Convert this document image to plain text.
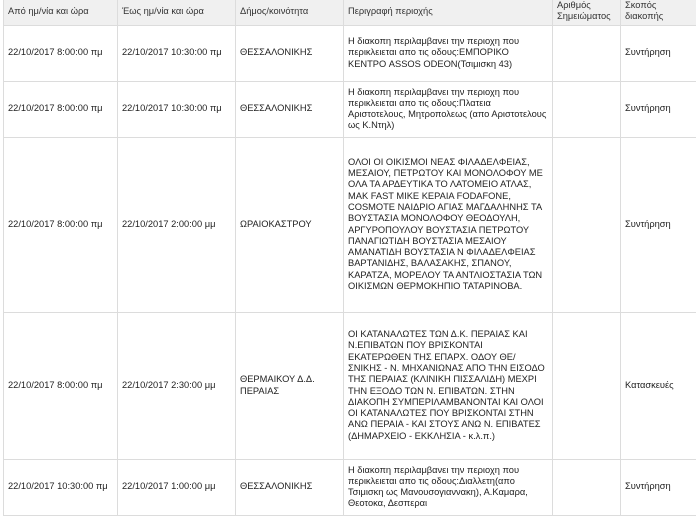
Από ημ/νία και ώρα	Έως ημ/νία και ώρα	Δήμος/κοινότητα	Περιγραφή περιοχής	Αριθμός
Σημειώματος	Σκοπός
διακοπής
22/10/2017 8:00:00 πμ	22/10/2017 10:30:00 πμ	ΘΕΣΣΑΛΟΝΙΚΗΣ	Η διακοπη περιλαμβανει την περιοχη που περικλειεται απο τις οδους:ΕΜΠΟΡΙΚΟ ΚΕΝΤΡΟ ASSOS ODEON(Τσιμισκη 43)		Συντήρηση
22/10/2017 8:00:00 πμ	22/10/2017 10:30:00 πμ	ΘΕΣΣΑΛΟΝΙΚΗΣ	Η διακοπη περιλαμβανει την περιοχη που περικλειεται απο τις οδους:Πλατεια Αριστοτελους, Μητροπολεως (απο Αριστοτελους ως Κ.Ντηλ)		Συντήρηση
22/10/2017 8:00:00 πμ	22/10/2017 2:00:00 μμ	ΩΡΑΙΟΚΑΣΤΡΟΥ	ΟΛΟΙ ΟΙ ΟΙΚΙΣΜΟΙ ΝΕΑΣ ΦΙΛΑΔΕΛΦΕΙΑΣ, ΜΕΣΑΙΟΥ, ΠΕΤΡΩΤΟΥ ΚΑΙ ΜΟΝΟΛΟΦΟΥ ΜΕ ΟΛΑ ΤΑ ΑΡΔΕΥΤΙΚΑ ΤΟ ΛΑΤΟΜΕΙΟ ΑΤΛΑΣ, ΜΑΚ FAST ΜΙΚΕ ΚΕΡΑΙΑ FODAFONE, COSMOTE ΝΑΙΔΡΙΟ ΑΓΙΑΣ ΜΑΓΔΑΛΗΝΗΣ ΤΑ ΒΟΥΣΤΑΣΙΑ ΜΟΝΟΛΟΦΟΥ ΘΕΟΔΟΥΛΗ, ΑΡΓΥΡΟΠΟΥΛΟΥ ΒΟΥΣΤΑΣΙΑ ΠΕΤΡΩΤΟΥ ΠΑΝΑΓΙΩΤΙΔΗ ΒΟΥΣΤΑΣΙΑ ΜΕΣΑΙΟΥ ΑΜΑΝΑΤΙΔΗ ΒΟΥΣΤΑΣΙΑ Ν ΦΙΛΑΔΕΛΦΕΙΑΣ ΒΑΡΤΑΝΙΔΗΣ, ΒΑΛΑΣΑΚΗΣ, ΣΠΑΝΟΥ, ΚΑΡΑΤΖΑ, ΜΟΡΕΛΟΥ ΤΑ ΑΝΤΛΙΟΣΤΑΣΙΑ ΤΩΝ ΟΙΚΙΣΜΩΝ ΘΕΡΜΟΚΗΠΙΟ ΤΑΤΑΡΙΝΟΒΑ.		Συντήρηση
22/10/2017 8:00:00 πμ	22/10/2017 2:30:00 μμ	ΘΕΡΜΑΙΚΟΥ Δ.Δ. ΠΕΡΑΙΑΣ	ΟΙ ΚΑΤΑΝΑΛΩΤΕΣ ΤΩΝ Δ.Κ. ΠΕΡΑΙΑΣ ΚΑΙ Ν.ΕΠΙΒΑΤΩΝ ΠΟΥ ΒΡΙΣΚΟΝΤΑΙ ΕΚΑΤΕΡΩΘΕΝ ΤΗΣ ΕΠΑΡΧ. ΟΔΟΥ ΘΕ/ΣΝΙΚΗΣ - Ν. ΜΗΧΑΝΙΩΝΑΣ ΑΠΟ ΤΗΝ ΕΙΣΟΔΟ ΤΗΣ ΠΕΡΑΙΑΣ (ΚΛΙΝΙΚΗ ΠΙΣΣΑΛΙΔΗ) ΜΕΧΡΙ ΤΗΝ ΕΞΟΔΟ ΤΩΝ Ν. ΕΠΙΒΑΤΩΝ. ΣΤΗΝ ΔΙΑΚΟΠΗ ΣΥΜΠΕΡΙΛΑΜΒΑΝΟΝΤΑΙ ΚΑΙ ΟΛΟΙ ΟΙ ΚΑΤΑΝΑΛΩΤΕΣ ΠΟΥ ΒΡΙΣΚΟΝΤΑΙ ΣΤΗΝ ΑΝΩ ΠΕΡΑΙΑ - ΚΑΙ ΣΤΟΥΣ ΑΝΩ Ν. ΕΠΙΒΑΤΕΣ (ΔΗΜΑΡΧΕΙΟ - ΕΚΚΛΗΣΙΑ - κ.λ.π.)		Κατασκευές
22/10/2017 10:30:00 πμ	22/10/2017 1:00:00 μμ	ΘΕΣΣΑΛΟΝΙΚΗΣ	Η διακοπη περιλαμβανει την περιοχη που περικλειεται απο τις οδους:Διαλλετη(απο Τσιμισκη ως Μανουσογιαννακη), Α.Καμαρα, Θεοτοκα, Δεσπεραι		Συντήρηση
